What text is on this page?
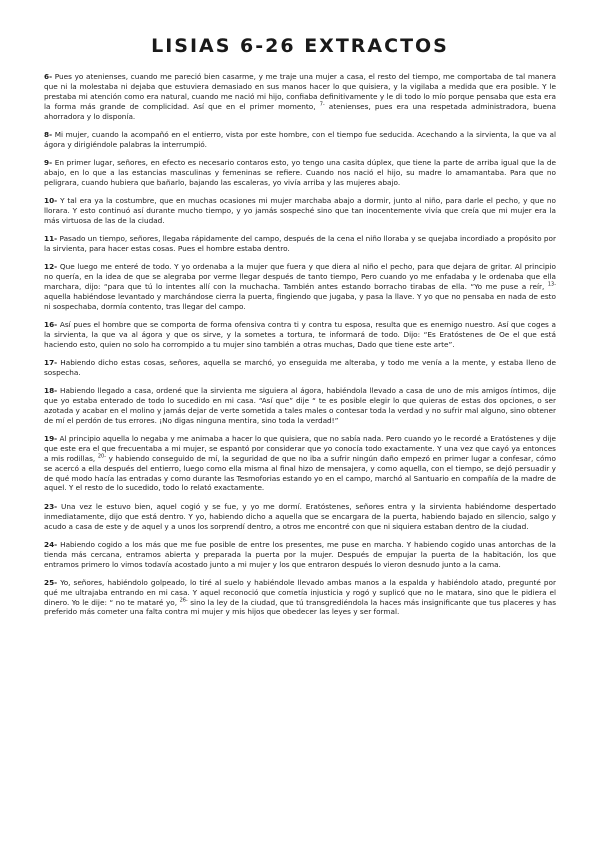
LISIAS 6-26 EXTRACTOS

6- Pues yo atenienses, cuando me pareció bien casarme, y me traje una mujer a casa, el resto del tiempo, me comportaba de tal manera que ni la molestaba ni dejaba que estuviera demasiado en sus manos hacer lo que quisiera, y la vigilaba a medida que era posible. Y le prestaba mi atención como era natural, cuando me nació mi hijo, confiaba definitivamente y le di todo lo mío porque pensaba que esta era la forma más grande de complicidad. Así que en el primer momento, $^{7-}$ atenienses, pues era una respetada administradora, buena ahorradora y lo disponía.

8- Mi mujer, cuando la acompañó en el entierro, vista por este hombre, con el tiempo fue seducida. Acechando a la sirvienta, la que va al ágora y dirigiéndole palabras la interrumpió.

9- En primer lugar, señores, en efecto es necesario contaros esto, yo tengo una casita dúplex, que tiene la parte de arriba igual que la de abajo, en lo que a las estancias masculinas y femeninas se refiere. Cuando nos nació el hijo, su madre lo amamantaba. Para que no peligrara, cuando hubiera que bañarlo, bajando las escaleras, yo vivía arriba y las mujeres abajo.

10- Y tal era ya la costumbre, que en muchas ocasiones mi mujer marchaba abajo a dormir, junto al niño, para darle el pecho, y que no llorara. Y esto continuó así durante mucho tiempo, y yo jamás sospeché sino que tan inocentemente vivía que creía que mi mujer era la más virtuosa de las de la ciudad.

11- Pasado un tiempo, señores, llegaba rápidamente del campo, después de la cena el niño lloraba y se quejaba incordiado a propósito por la sirvienta, para hacer estas cosas. Pues el hombre estaba dentro.

12- Que luego me enteré de todo. Y yo ordenaba a la mujer que fuera y que diera al niño el pecho, para que dejara de gritar. Al principio no quería, en la idea de que se alegraba por verme llegar después de tanto tiempo, Pero cuando yo me enfadaba y le ordenaba que ella marchara, dijo: “para que tú lo intentes allí con la muchacha. También antes estando borracho tirabas de ella. “Yo me puse a reír, $^{13-}$ aquella habiéndose levantado y marchándose cierra la puerta, fingiendo que jugaba, y pasa la llave. Y yo que no pensaba en nada de esto ni sospechaba, dormía contento, tras llegar del campo.

16- Así pues el hombre que se comporta de forma ofensiva contra ti y contra tu esposa, resulta que es enemigo nuestro. Así que coges a la sirvienta, la que va al ágora y que os sirve, y la sometes a tortura, te informará de todo. Dijo: “Es Eratóstenes de Oe el que está haciendo esto, quien no solo ha corrompido a tu mujer sino también a otras muchas, Dado que tiene este arte”.

17- Habiendo dicho estas cosas, señores, aquella se marchó, yo enseguida me alteraba, y todo me venía a la mente, y estaba lleno de sospecha.

18- Habiendo llegado a casa, ordené que la sirvienta me siguiera al ágora, habiéndola llevado a casa de uno de mis amigos íntimos, dije que yo estaba enterado de todo lo sucedido en mi casa. “Así que” dije “ te es posible elegir lo que quieras de estas dos opciones, o ser azotada y acabar en el molino y jamás dejar de verte sometida a tales males o contesar toda la verdad y no sufrir mal alguno, sino obtener de mí el perdón de tus errores. ¡No digas ninguna mentira, sino toda la verdad!”

19- Al principio aquella lo negaba y me animaba a hacer lo que quisiera, que no sabía nada. Pero cuando yo le recordé a Eratóstenes y dije que este era el que frecuentaba a mi mujer, se espantó por considerar que yo conocía todo exactamente. Y una vez que cayó ya entonces a mis rodillas, $^{20-}$ y habiendo conseguido de mí, la seguridad de que no iba a sufrir ningún daño empezó en primer lugar a confesar, cómo se acercó a ella después del entierro, luego como ella misma al final hizo de mensajera, y como aquella, con el tiempo, se dejó persuadir y de qué modo hacía las entradas y como durante las Tesmoforias estando yo en el campo, marchó al Santuario en compañía de la madre de aquel. Y el resto de lo sucedido, todo lo relató exactamente.

23- Una vez le estuvo bien, aquel cogió y se fue, y yo me dormí. Eratóstenes, señores entra y la sirvienta habiéndome despertado inmediatamente, dijo que está dentro. Y yo, habiendo dicho a aquella que se encargara de la puerta, habiendo bajado en silencio, salgo y acudo a casa de este y de aquel y a unos los sorprendí dentro, a otros me encontré con que ni siquiera estaban dentro de la ciudad.

24- Habiendo cogido a los más que me fue posible de entre los presentes, me puse en marcha. Y habiendo cogido unas antorchas de la tienda más cercana, entramos abierta y preparada la puerta por la mujer. Después de empujar la puerta de la habitación, los que entramos primero lo vimos todavía acostado junto a mi mujer y los que entraron después lo vieron desnudo junto a la cama.

25- Yo, señores, habiéndolo golpeado, lo tiré al suelo y habiéndole llevado ambas manos a la espalda y habiéndolo atado, pregunté por qué me ultrajaba entrando en mi casa. Y aquel reconoció que cometía injusticia y rogó y suplicó que no le matara, sino que le pidiera el dinero. Yo le dije: “ no te mataré yo, $^{26-}$ sino la ley de la ciudad, que tú transgrediéndola la haces más insignificante que tus placeres y has preferido más cometer una falta contra mi mujer y mis hijos que obedecer las leyes y ser formal.
